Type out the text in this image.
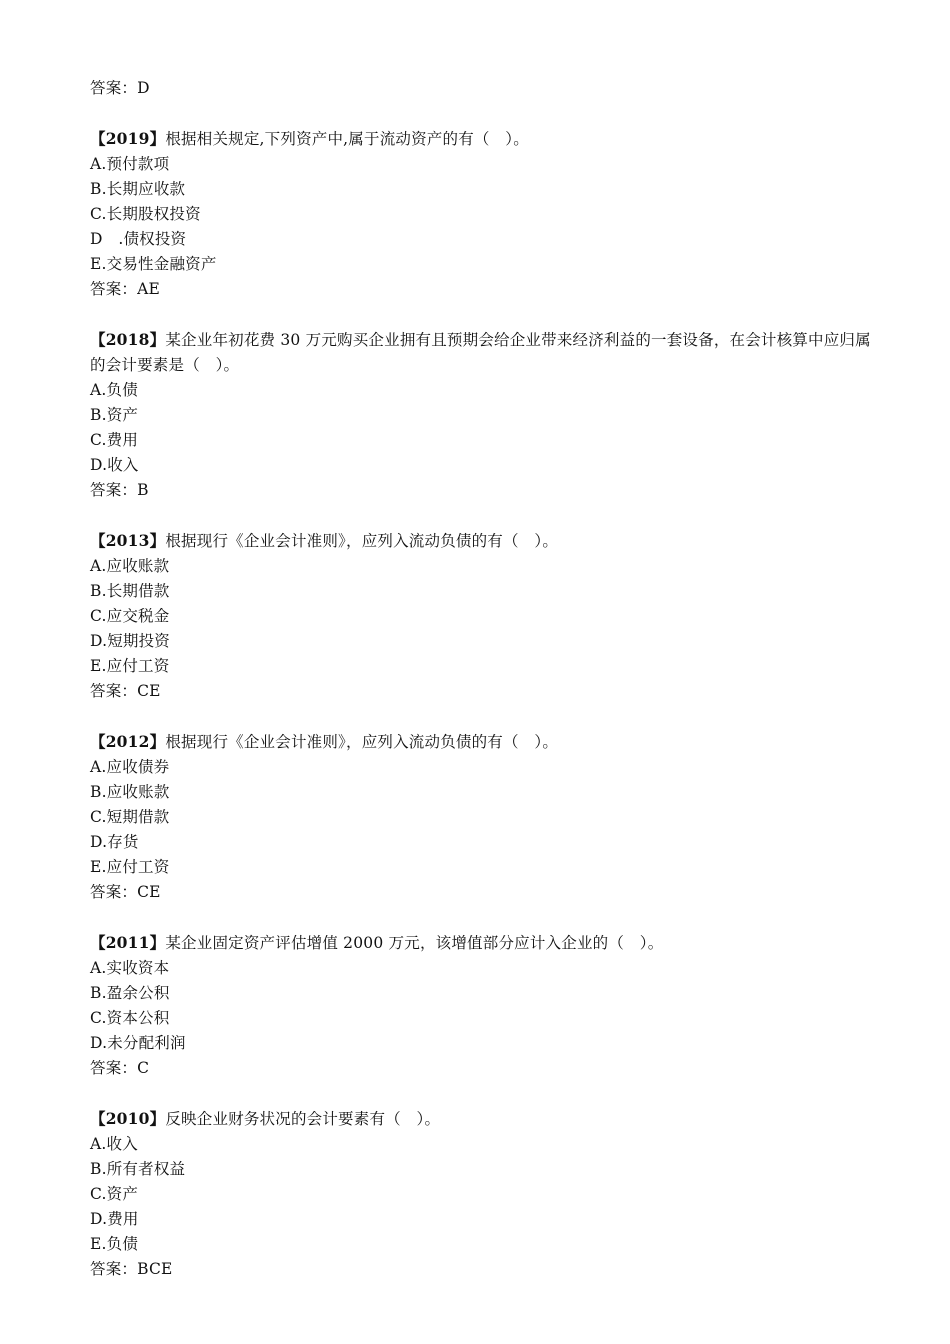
答案：D
【2019】根据相关规定,下列资产中,属于流动资产的有（　）。
A.预付款项
B.长期应收款
C.长期股权投资
D　.债权投资
E.交易性金融资产
答案：AE
【2018】某企业年初花费 30 万元购买企业拥有且预期会给企业带来经济利益的一套设备，在会计核算中应归属的会计要素是（　）。
A.负债
B.资产
C.费用
D.收入
答案：B
【2013】根据现行《企业会计准则》，应列入流动负债的有（　）。
A.应收账款
B.长期借款
C.应交税金
D.短期投资
E.应付工资
答案：CE
【2012】根据现行《企业会计准则》，应列入流动负债的有（　）。
A.应收债券
B.应收账款
C.短期借款
D.存货
E.应付工资
答案：CE
【2011】某企业固定资产评估增值 2000 万元，该增值部分应计入企业的（　）。
A.实收资本
B.盈余公积
C.资本公积
D.未分配利润
答案：C
【2010】反映企业财务状况的会计要素有（　）。
A.收入
B.所有者权益
C.资产
D.费用
E.负债
答案：BCE
